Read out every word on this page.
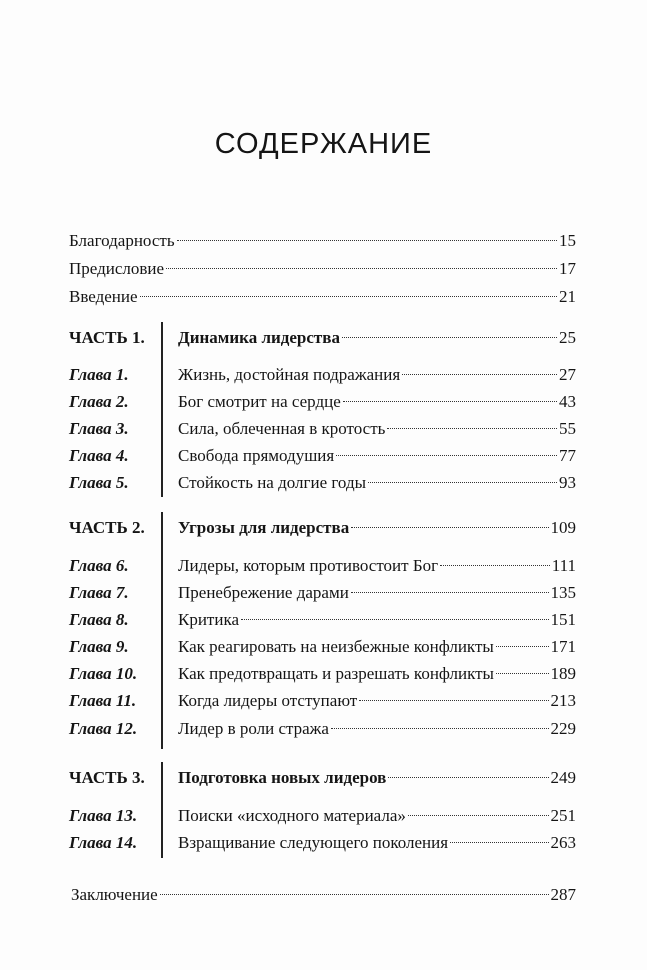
СОДЕРЖАНИЕ
Благодарность	15
Предисловие	17
Введение	21
ЧАСТЬ 1. Динамика лидерства	25
Глава 1.	Жизнь, достойная подражания	27
Глава 2.	Бог смотрит на сердце	43
Глава 3.	Сила, облеченная в кротость	55
Глава 4.	Свобода прямодушия	77
Глава 5.	Стойкость на долгие годы	93
ЧАСТЬ 2. Угрозы для лидерства	109
Глава 6.	Лидеры, которым противостоит Бог	111
Глава 7.	Пренебрежение дарами	135
Глава 8.	Критика	151
Глава 9.	Как реагировать на неизбежные конфликты	171
Глава 10. Как предотвращать и разрешать конфликты	189
Глава 11. Когда лидеры отступают	213
Глава 12. Лидер в роли стража	229
ЧАСТЬ 3. Подготовка новых лидеров	249
Глава 13. Поиски «исходного материала»	251
Глава 14. Взращивание следующего поколения	263
Заключение	287
